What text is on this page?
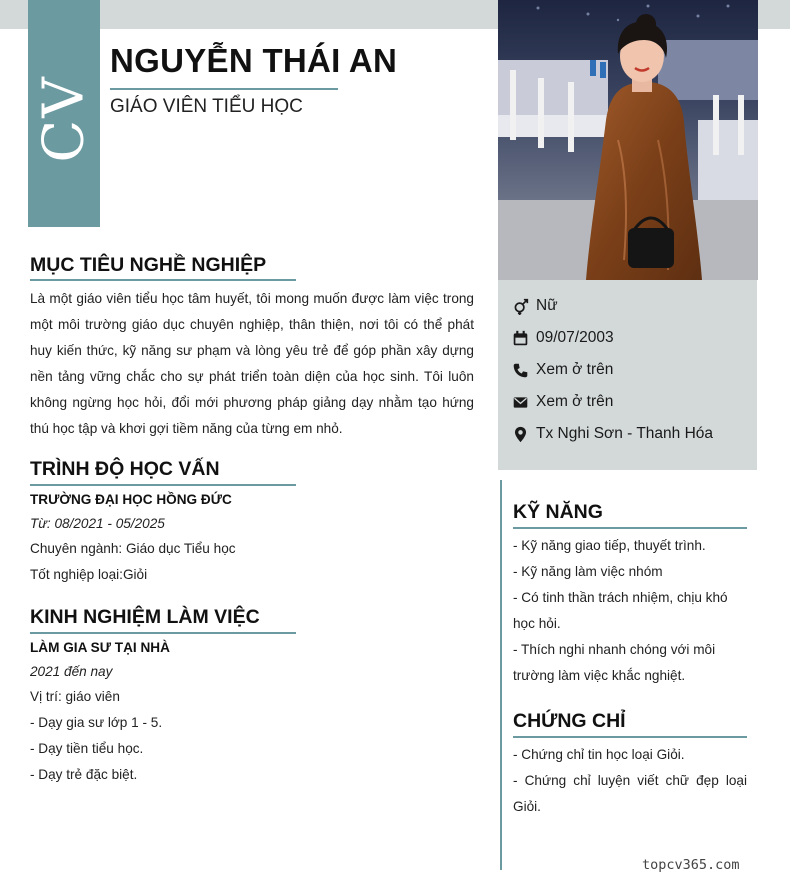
CV
NGUYỄN THÁI AN
GIÁO VIÊN TIỂU HỌC
Nữ
09/07/2003
Xem ở trên
Xem ở trên
Tx Nghi Sơn - Thanh Hóa
MỤC TIÊU NGHỀ NGHIỆP
Là một giáo viên tiểu học tâm huyết, tôi mong muốn được làm việc trong một môi trường giáo dục chuyên nghiệp, thân thiện, nơi tôi có thể phát huy kiến thức, kỹ năng sư phạm và lòng yêu trẻ để góp phần xây dựng nền tảng vững chắc cho sự phát triển toàn diện của học sinh. Tôi luôn không ngừng học hỏi, đổi mới phương pháp giảng dạy nhằm tạo hứng thú học tập và khơi gợi tiềm năng của từng em nhỏ.
TRÌNH ĐỘ HỌC VẤN
TRƯỜNG ĐẠI HỌC HỒNG ĐỨC
Từ: 08/2021 - 05/2025
Chuyên ngành: Giáo dục Tiểu học
Tốt nghiệp loại:Giỏi
KINH NGHIỆM LÀM VIỆC
LÀM GIA SƯ TẠI NHÀ
2021 đến nay
Vị trí: giáo viên
- Dạy gia sư lớp 1 - 5.
- Dạy tiền tiểu học.
- Dạy trẻ đặc biệt.
KỸ NĂNG
- Kỹ năng giao tiếp, thuyết trình.
- Kỹ năng làm việc nhóm
- Có tinh thần trách nhiệm, chịu khó học hỏi.
- Thích nghi nhanh chóng với môi trường làm việc khắc nghiệt.
CHỨNG CHỈ
- Chứng chỉ tin học loại Giỏi.
- Chứng chỉ luyện viết chữ đẹp loại Giỏi.
topcv365.com
